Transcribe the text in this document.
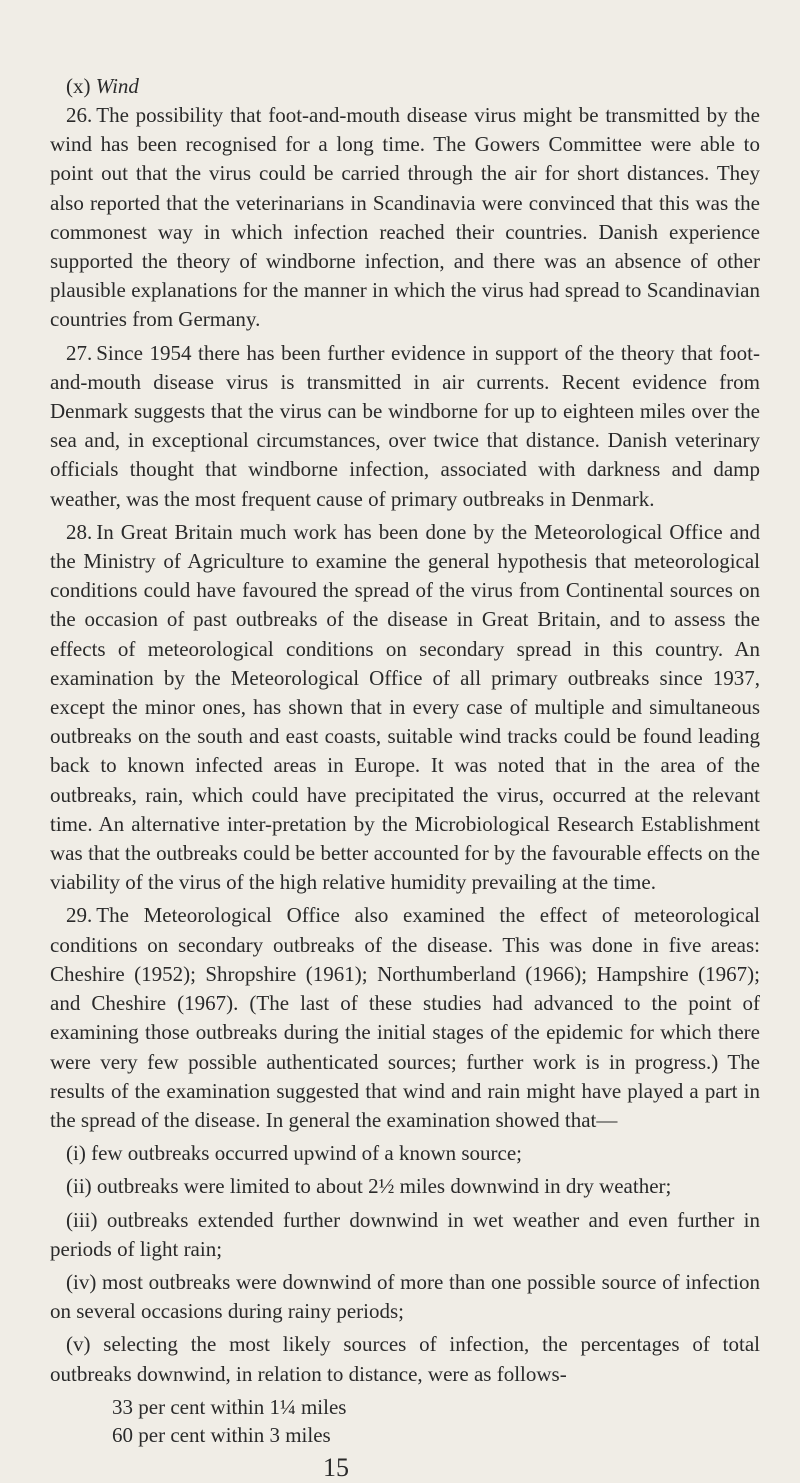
(x) Wind

26. The possibility that foot-and-mouth disease virus might be transmitted by the wind has been recognised for a long time. The Gowers Committee were able to point out that the virus could be carried through the air for short distances. They also reported that the veterinarians in Scandinavia were convinced that this was the commonest way in which infection reached their countries. Danish experience supported the theory of windborne infection, and there was an absence of other plausible explanations for the manner in which the virus had spread to Scandinavian countries from Germany.

27. Since 1954 there has been further evidence in support of the theory that foot-and-mouth disease virus is transmitted in air currents. Recent evidence from Denmark suggests that the virus can be windborne for up to eighteen miles over the sea and, in exceptional circumstances, over twice that distance. Danish veterinary officials thought that windborne infection, associated with darkness and damp weather, was the most frequent cause of primary outbreaks in Denmark.

28. In Great Britain much work has been done by the Meteorological Office and the Ministry of Agriculture to examine the general hypothesis that meteorological conditions could have favoured the spread of the virus from Continental sources on the occasion of past outbreaks of the disease in Great Britain, and to assess the effects of meteorological conditions on secondary spread in this country. An examination by the Meteorological Office of all primary outbreaks since 1937, except the minor ones, has shown that in every case of multiple and simultaneous outbreaks on the south and east coasts, suitable wind tracks could be found leading back to known infected areas in Europe. It was noted that in the area of the outbreaks, rain, which could have precipitated the virus, occurred at the relevant time. An alternative inter-pretation by the Microbiological Research Establishment was that the outbreaks could be better accounted for by the favourable effects on the viability of the virus of the high relative humidity prevailing at the time.

29. The Meteorological Office also examined the effect of meteorological conditions on secondary outbreaks of the disease. This was done in five areas: Cheshire (1952); Shropshire (1961); Northumberland (1966); Hampshire (1967); and Cheshire (1967). (The last of these studies had advanced to the point of examining those outbreaks during the initial stages of the epidemic for which there were very few possible authenticated sources; further work is in progress.) The results of the examination suggested that wind and rain might have played a part in the spread of the disease. In general the examination showed that—

(i) few outbreaks occurred upwind of a known source;
(ii) outbreaks were limited to about 2½ miles downwind in dry weather;
(iii) outbreaks extended further downwind in wet weather and even further in periods of light rain;
(iv) most outbreaks were downwind of more than one possible source of infection on several occasions during rainy periods;
(v) selecting the most likely sources of infection, the percentages of total outbreaks downwind, in relation to distance, were as follows-
33 per cent within 1¼ miles
60 per cent within 3 miles
15
